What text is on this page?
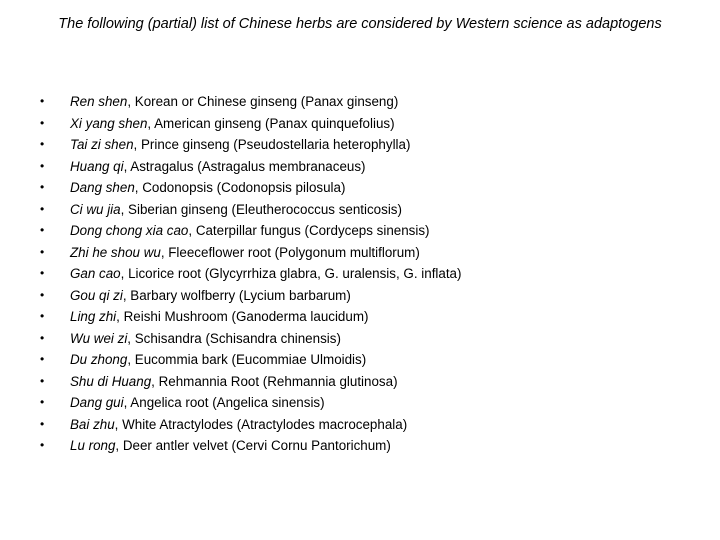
The following (partial) list of Chinese herbs are considered by Western science as adaptogens
• Ren shen, Korean or Chinese ginseng (Panax ginseng)
• Xi yang shen, American ginseng (Panax quinquefolius)
• Tai zi shen, Prince ginseng (Pseudostellaria heterophylla)
• Huang qi, Astragalus (Astragalus membranaceus)
• Dang shen, Codonopsis (Codonopsis pilosula)
• Ci wu jia, Siberian ginseng (Eleutherococcus senticosis)
• Dong chong xia cao, Caterpillar fungus (Cordyceps sinensis)
• Zhi he shou wu, Fleeceflower root (Polygonum multiflorum)
• Gan cao, Licorice root (Glycyrrhiza glabra, G. uralensis, G. inflata)
• Gou qi zi, Barbary wolfberry (Lycium barbarum)
• Ling zhi, Reishi Mushroom (Ganoderma laucidum)
• Wu wei zi, Schisandra (Schisandra chinensis)
• Du zhong, Eucommia bark (Eucommiae Ulmoidis)
• Shu di Huang, Rehmannia Root (Rehmannia glutinosa)
• Dang gui, Angelica root (Angelica sinensis)
• Bai zhu, White Atractylodes (Atractylodes macrocephala)
• Lu rong, Deer antler velvet (Cervi Cornu Pantorichum)
